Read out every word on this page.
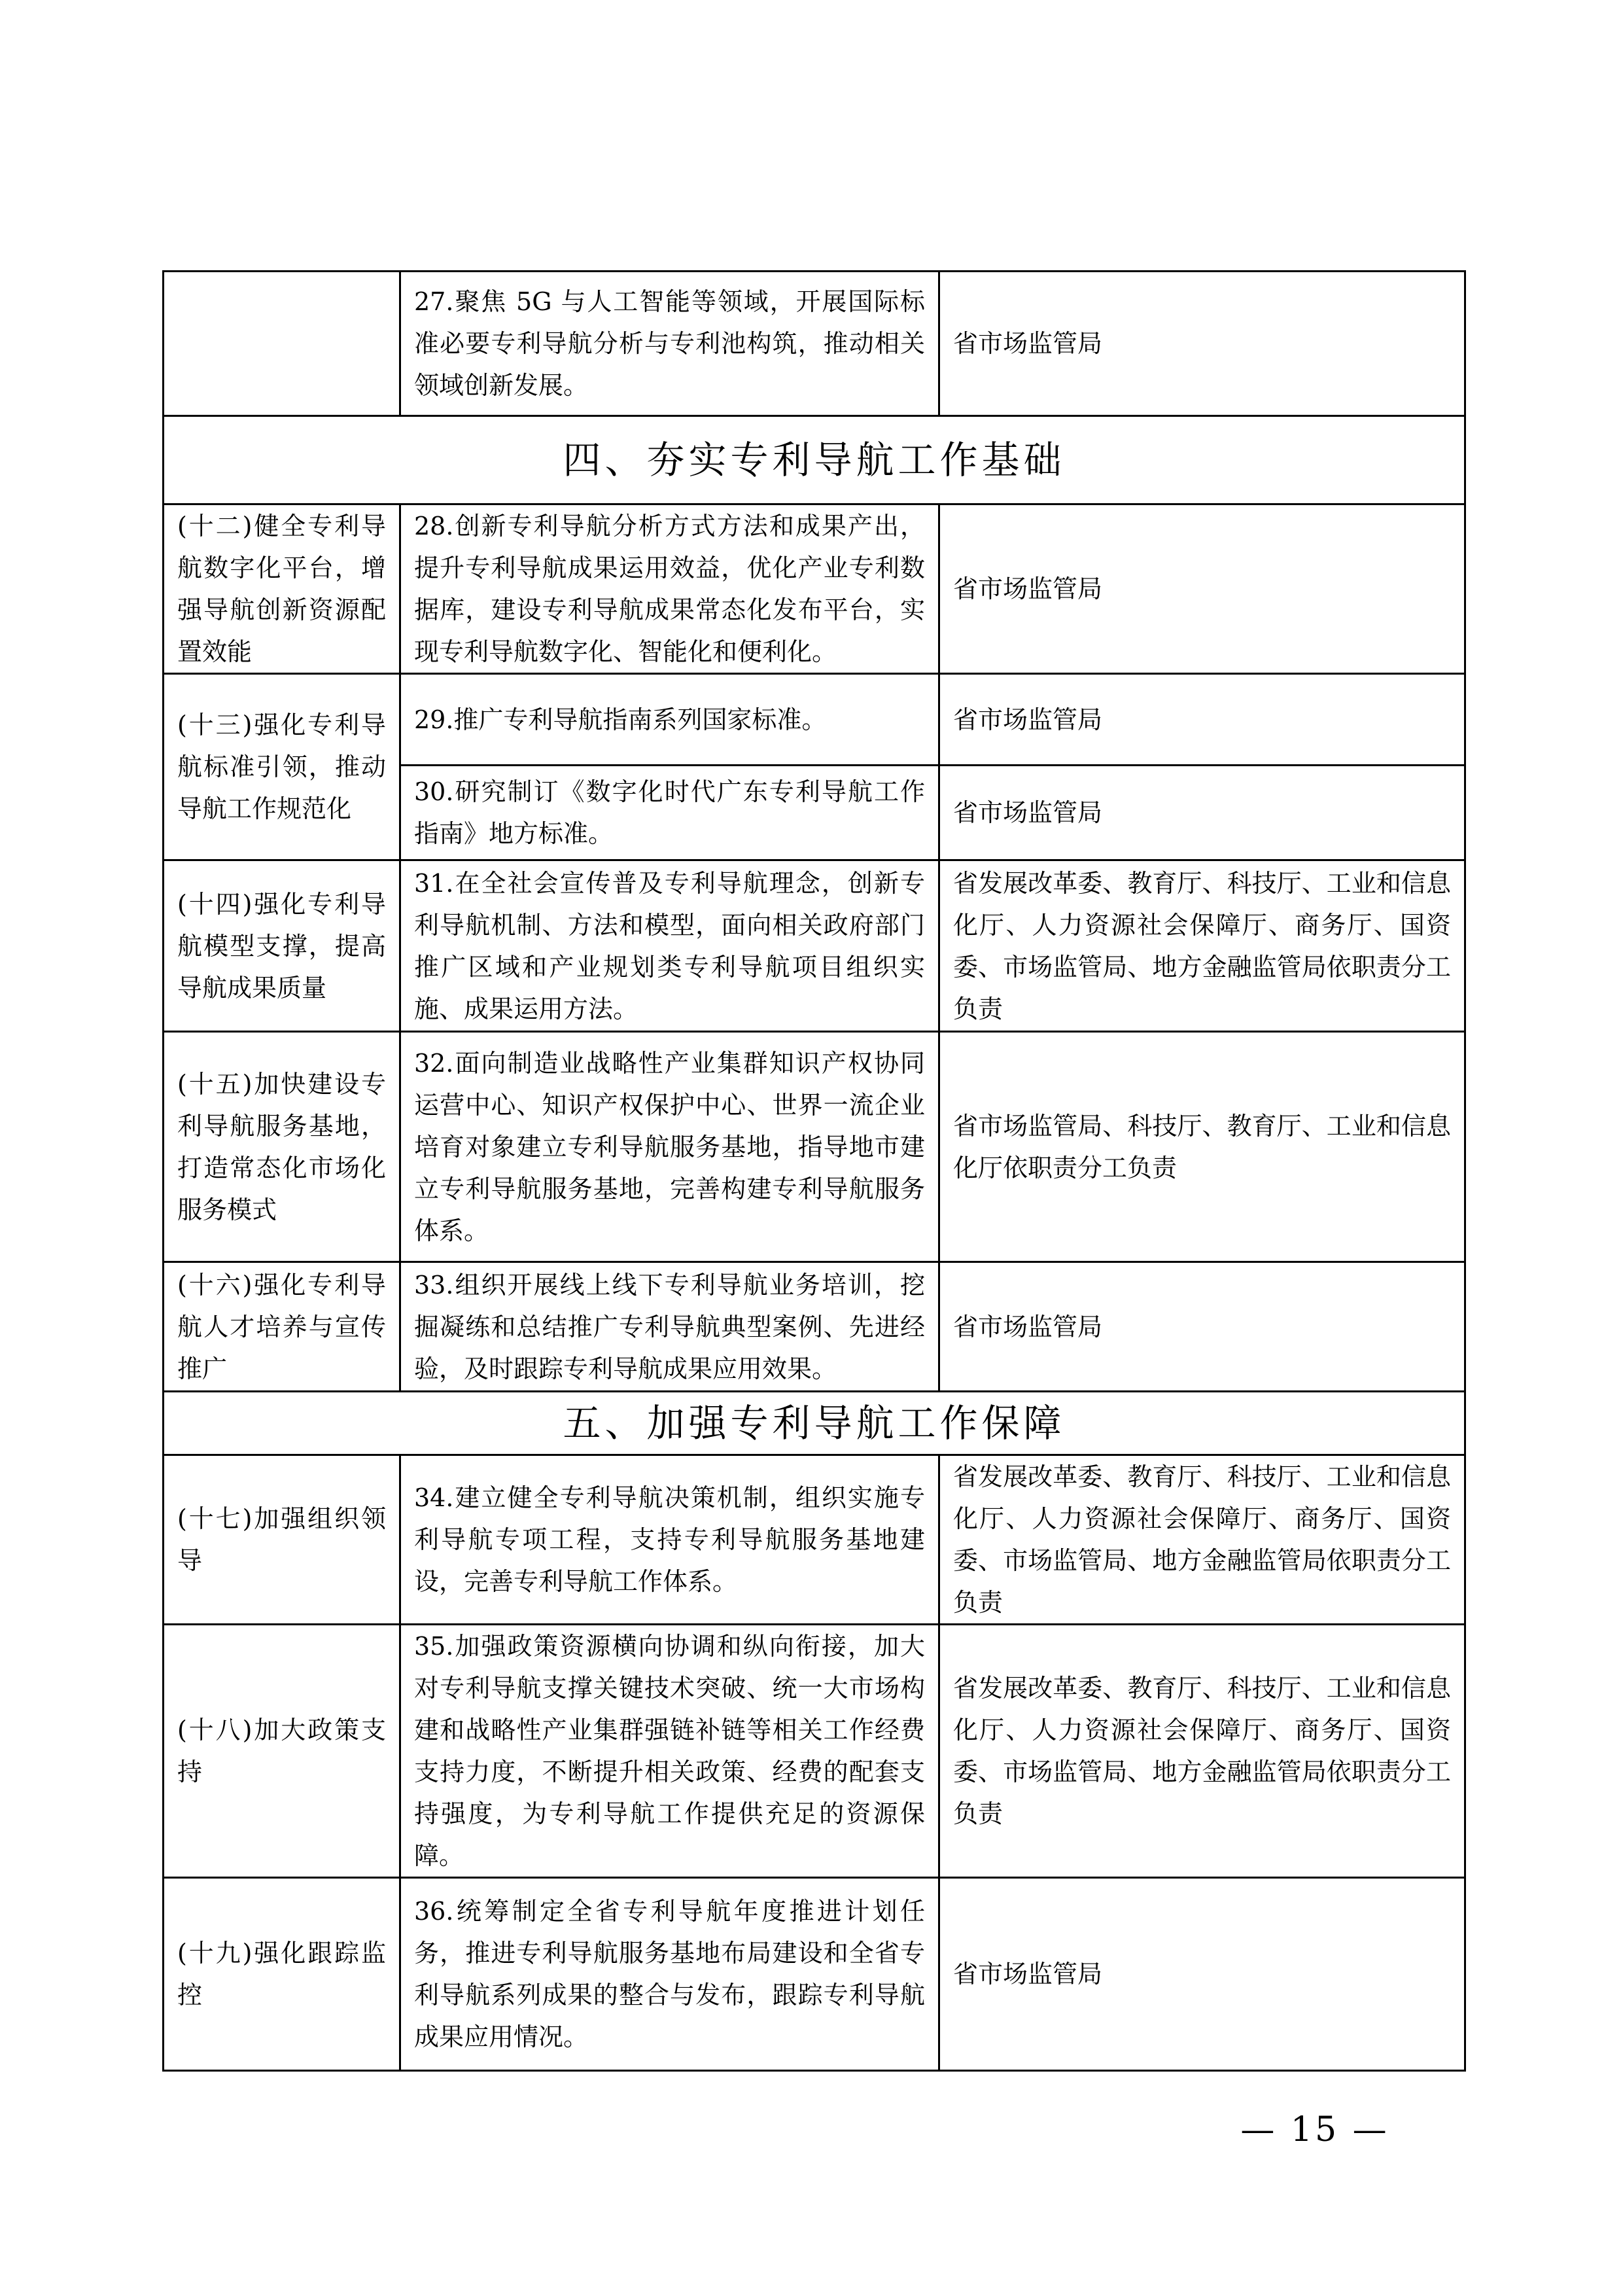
	27.聚焦 5G 与人工智能等领域，开展国际标准必要专利导航分析与专利池构筑，推动相关领域创新发展。	省市场监管局
四、夯实专利导航工作基础		
(十二)健全专利导航数字化平台，增强导航创新资源配置效能	28.创新专利导航分析方式方法和成果产出，提升专利导航成果运用效益，优化产业专利数据库，建设专利导航成果常态化发布平台，实现专利导航数字化、智能化和便利化。	省市场监管局
(十三)强化专利导航标准引领，推动导航工作规范化	29.推广专利导航指南系列国家标准。	省市场监管局
	30.研究制订《数字化时代广东专利导航工作指南》地方标准。	省市场监管局
(十四)强化专利导航模型支撑，提高导航成果质量	31.在全社会宣传普及专利导航理念，创新专利导航机制、方法和模型，面向相关政府部门推广区域和产业规划类专利导航项目组织实施、成果运用方法。	省发展改革委、教育厅、科技厅、工业和信息化厅、人力资源社会保障厅、商务厅、国资委、市场监管局、地方金融监管局依职责分工负责
(十五)加快建设专利导航服务基地，打造常态化市场化服务模式	32.面向制造业战略性产业集群知识产权协同运营中心、知识产权保护中心、世界一流企业培育对象建立专利导航服务基地，指导地市建立专利导航服务基地，完善构建专利导航服务体系。	省市场监管局、科技厅、教育厅、工业和信息化厅依职责分工负责
(十六)强化专利导航人才培养与宣传推广	33.组织开展线上线下专利导航业务培训，挖掘凝练和总结推广专利导航典型案例、先进经验，及时跟踪专利导航成果应用效果。	省市场监管局
五、加强专利导航工作保障		
(十七)加强组织领导	34.建立健全专利导航决策机制，组织实施专利导航专项工程，支持专利导航服务基地建设，完善专利导航工作体系。	省发展改革委、教育厅、科技厅、工业和信息化厅、人力资源社会保障厅、商务厅、国资委、市场监管局、地方金融监管局依职责分工负责
(十八)加大政策支持	35.加强政策资源横向协调和纵向衔接，加大对专利导航支撑关键技术突破、统一大市场构建和战略性产业集群强链补链等相关工作经费支持力度，不断提升相关政策、经费的配套支持强度，为专利导航工作提供充足的资源保障。	省发展改革委、教育厅、科技厅、工业和信息化厅、人力资源社会保障厅、商务厅、国资委、市场监管局、地方金融监管局依职责分工负责
(十九)强化跟踪监控	36.统筹制定全省专利导航年度推进计划任务，推进专利导航服务基地布局建设和全省专利导航系列成果的整合与发布，跟踪专利导航成果应用情况。	省市场监管局
— 15 —
